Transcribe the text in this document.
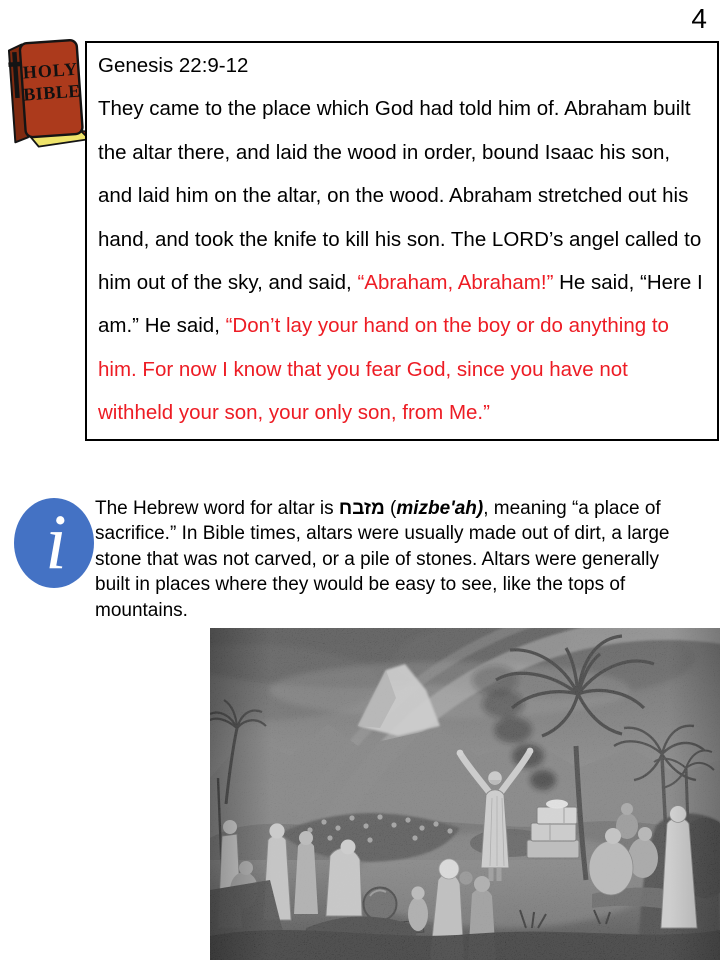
4
HOLY
BIBLE

Genesis 22:9-12

They came to the place which God had told him of. Abraham built the altar there, and laid the wood in order, bound Isaac his son, and laid him on the altar, on the wood. Abraham stretched out his hand, and took the knife to kill his son. The LORD’s angel called to him out of the sky, and said, “Abraham, Abraham!” He said, “Here I am.” He said, “Don’t lay your hand on the boy or do anything to him. For now I know that you fear God, since you have not withheld your son, your only son, from Me.”

i The Hebrew word for altar is מזבח (mizbe'ah), meaning “a place of sacrifice.” In Bible times, altars were usually made out of dirt, a large stone that was not carved, or a pile of stones. Altars were generally built in places where they would be easy to see, like the tops of mountains.
